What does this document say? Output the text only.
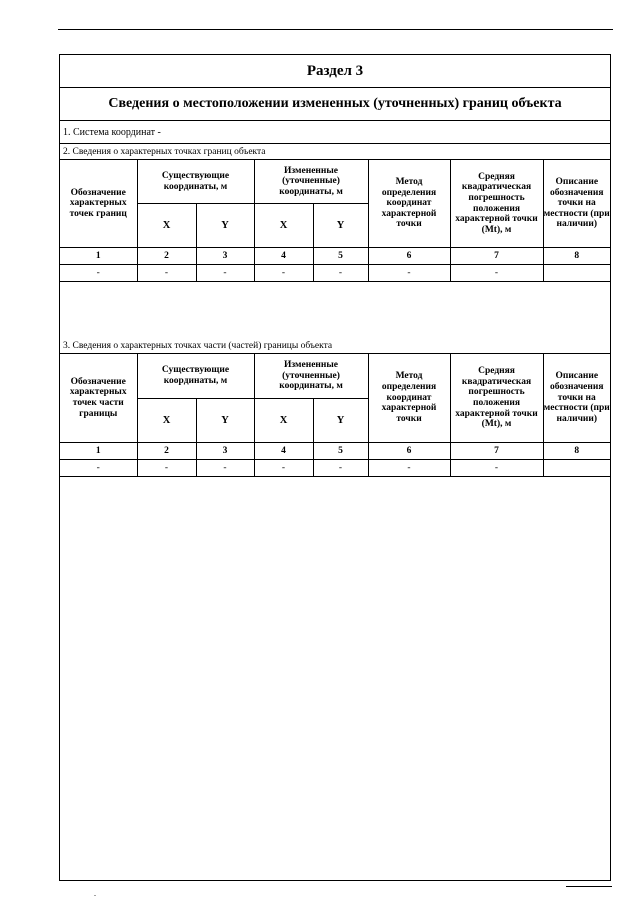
Раздел 3
Сведения о местоположении измененных (уточненных) границ объекта
1. Система координат -
2. Сведения о характерных точках границ объекта
Обозначение характерных точек границ	Существующие координаты, м		Измененные (уточненные) координаты, м		Метод определения координат характерной точки	Средняя квадратическая погрешность положения характерной точки (Mt), м	Описание обозначения точки на местности (при наличии)
	X	Y	X	Y			
1	2	3	4	5	6	7	8
-	-	-	-	-	-	-	
3. Сведения о характерных точках части (частей) границы объекта
Обозначение характерных точек части границы	Существующие координаты, м		Измененные (уточненные) координаты, м		Метод определения координат характерной точки	Средняя квадратическая погрешность положения характерной точки (Mt), м	Описание обозначения точки на местности (при наличии)
	X	Y	X	Y			
1	2	3	4	5	6	7	8
-	-	-	-	-	-	-	
.
